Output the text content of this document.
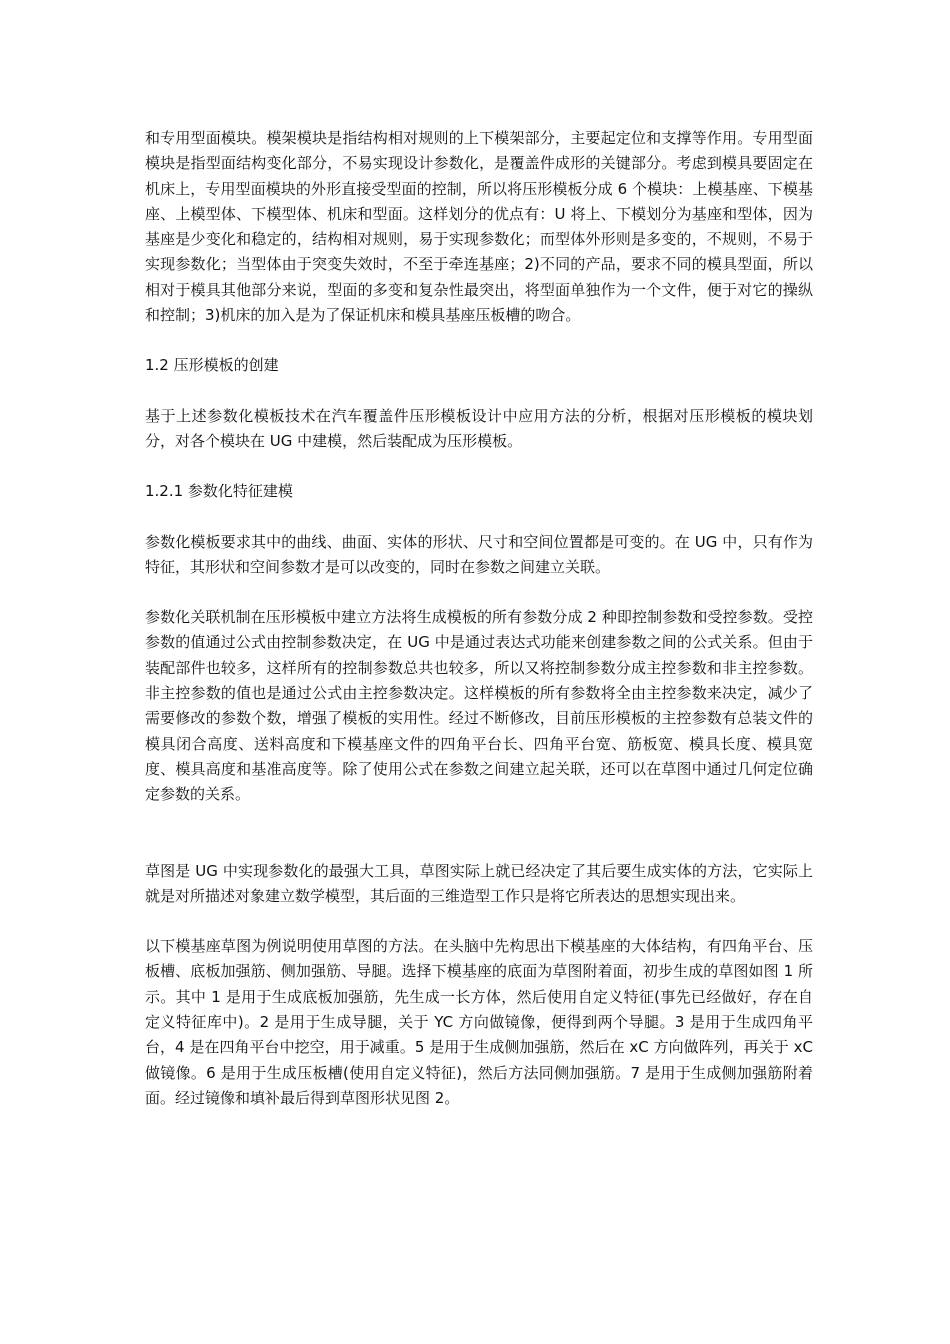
和专用型面模块。模架模块是指结构相对规则的上下模架部分，主要起定位和支撑等作用。专用型面模块是指型面结构变化部分，不易实现设计参数化，是覆盖件成形的关键部分。考虑到模具要固定在机床上，专用型面模块的外形直接受型面的控制，所以将压形模板分成 6 个模块：上模基座、下模基座、上模型体、下模型体、机床和型面。这样划分的优点有：U 将上、下模划分为基座和型体，因为基座是少变化和稳定的，结构相对规则，易于实现参数化；而型体外形则是多变的，不规则，不易于实现参数化；当型体由于突变失效时，不至于牵连基座；2)不同的产品，要求不同的模具型面，所以相对于模具其他部分来说，型面的多变和复杂性最突出，将型面单独作为一个文件，便于对它的操纵和控制；3)机床的加入是为了保证机床和模具基座压板槽的吻合。

1.2 压形模板的创建

基于上述参数化模板技术在汽车覆盖件压形模板设计中应用方法的分析，根据对压形模板的模块划分，对各个模块在 UG 中建模，然后装配成为压形模板。

1.2.1 参数化特征建模

参数化模板要求其中的曲线、曲面、实体的形状、尺寸和空间位置都是可变的。在 UG 中，只有作为特征，其形状和空间参数才是可以改变的，同时在参数之间建立关联。

参数化关联机制在压形模板中建立方法将生成模板的所有参数分成 2 种即控制参数和受控参数。受控参数的值通过公式由控制参数决定，在 UG 中是通过表达式功能来创建参数之间的公式关系。但由于装配部件也较多，这样所有的控制参数总共也较多，所以又将控制参数分成主控参数和非主控参数。非主控参数的值也是通过公式由主控参数决定。这样模板的所有参数将全由主控参数来决定，减少了需要修改的参数个数，增强了模板的实用性。经过不断修改，目前压形模板的主控参数有总装文件的模具闭合高度、送料高度和下模基座文件的四角平台长、四角平台宽、筋板宽、模具长度、模具宽度、模具高度和基准高度等。除了使用公式在参数之间建立起关联，还可以在草图中通过几何定位确定参数的关系。

草图是 UG 中实现参数化的最强大工具，草图实际上就已经决定了其后要生成实体的方法，它实际上就是对所描述对象建立数学模型，其后面的三维造型工作只是将它所表达的思想实现出来。

以下模基座草图为例说明使用草图的方法。在头脑中先构思出下模基座的大体结构，有四角平台、压板槽、底板加强筋、侧加强筋、导腿。选择下模基座的底面为草图附着面，初步生成的草图如图 1 所示。其中 1 是用于生成底板加强筋，先生成一长方体，然后使用自定义特征(事先已经做好，存在自定义特征库中)。2 是用于生成导腿，关于 YC 方向做镜像，便得到两个导腿。3 是用于生成四角平台，4 是在四角平台中挖空，用于减重。5 是用于生成侧加强筋，然后在 xC 方向做阵列，再关于 xC 做镜像。6 是用于生成压板槽(使用自定义特征)，然后方法同侧加强筋。7 是用于生成侧加强筋附着面。经过镜像和填补最后得到草图形状见图 2。
